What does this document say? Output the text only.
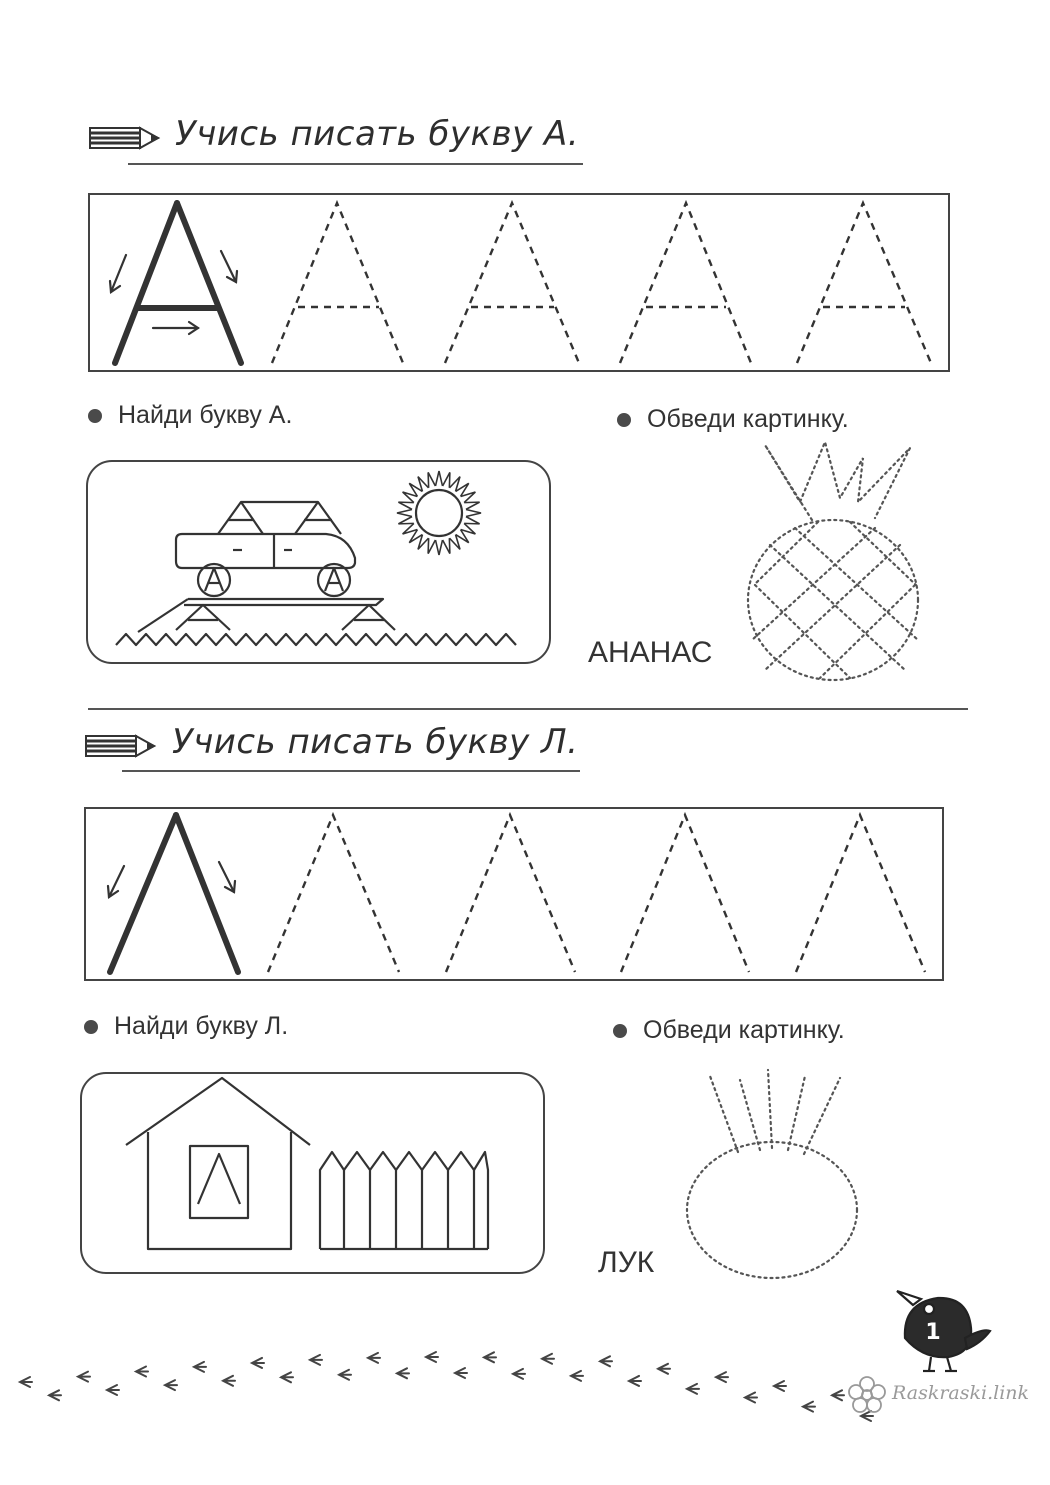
Учись писать букву А.
Найди букву А.	Обведи картинку.
АНАНАС
Учись писать букву Л.
Найди букву Л.	Обведи картинку.
ЛУК
1
Raskraski.link
